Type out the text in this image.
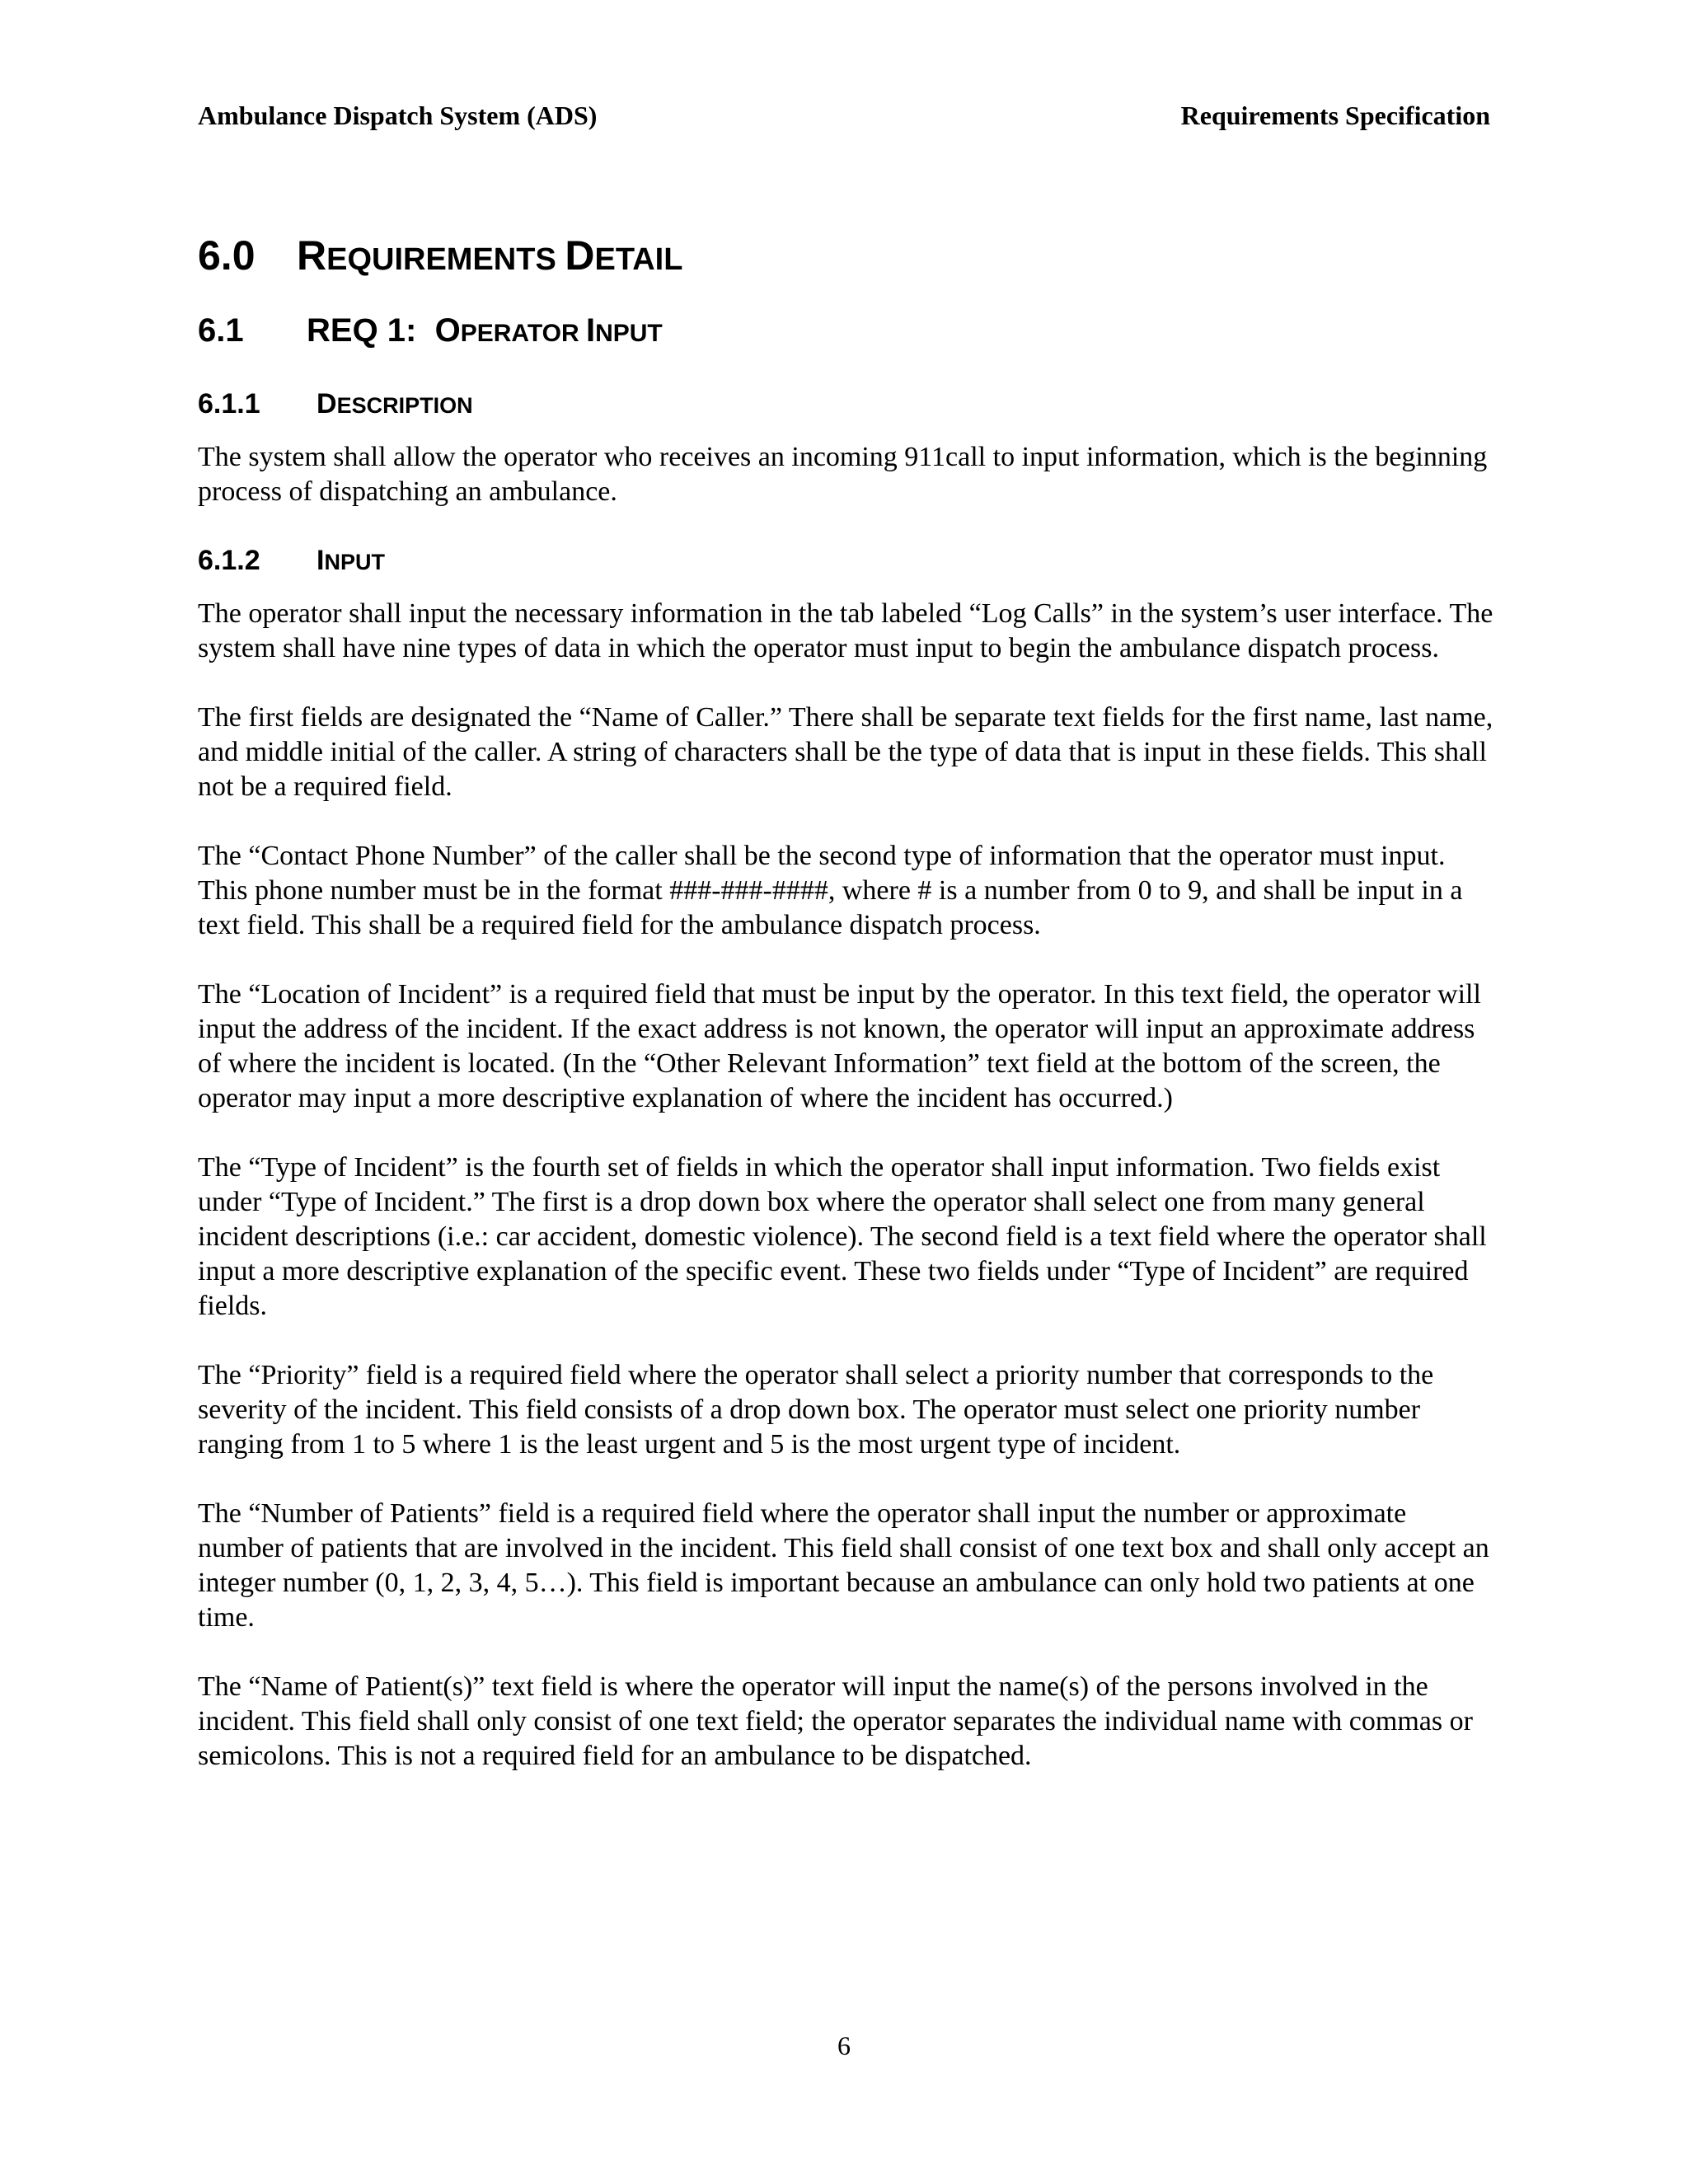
Ambulance Dispatch System (ADS)	Requirements Specification
6.0	R EQUIREMENTS D ETAIL
6.1	REQ 1: O PERATOR I NPUT
6.1.1	D ESCRIPTION

The system shall allow the operator who receives an incoming 911call to input information, which is the beginning process of dispatching an ambulance.

6.1.2	I NPUT

The operator shall input the necessary information in the tab labeled “Log Calls” in the system’s user interface. The system shall have nine types of data in which the operator must input to begin the ambulance dispatch process.

The first fields are designated the “Name of Caller.” There shall be separate text fields for the first name, last name, and middle initial of the caller. A string of characters shall be the type of data that is input in these fields. This shall not be a required field.

The “Contact Phone Number” of the caller shall be the second type of information that the operator must input. This phone number must be in the format ###-###-####, where # is a number from 0 to 9, and shall be input in a text field. This shall be a required field for the ambulance dispatch process.

The “Location of Incident” is a required field that must be input by the operator. In this text field, the operator will input the address of the incident. If the exact address is not known, the operator will input an approximate address of where the incident is located. (In the “Other Relevant Information” text field at the bottom of the screen, the operator may input a more descriptive explanation of where the incident has occurred.)

The “Type of Incident” is the fourth set of fields in which the operator shall input information. Two fields exist under “Type of Incident.” The first is a drop down box where the operator shall select one from many general incident descriptions (i.e.: car accident, domestic violence). The second field is a text field where the operator shall input a more descriptive explanation of the specific event. These two fields under “Type of Incident” are required fields.

The “Priority” field is a required field where the operator shall select a priority number that corresponds to the severity of the incident. This field consists of a drop down box. The operator must select one priority number ranging from 1 to 5 where 1 is the least urgent and 5 is the most urgent type of incident.

The “Number of Patients” field is a required field where the operator shall input the number or approximate number of patients that are involved in the incident. This field shall consist of one text box and shall only accept an integer number (0, 1, 2, 3, 4, 5…). This field is important because an ambulance can only hold two patients at one time.

The “Name of Patient(s)” text field is where the operator will input the name(s) of the persons involved in the incident. This field shall only consist of one text field; the operator separates the individual name with commas or semicolons. This is not a required field for an ambulance to be dispatched.

6
